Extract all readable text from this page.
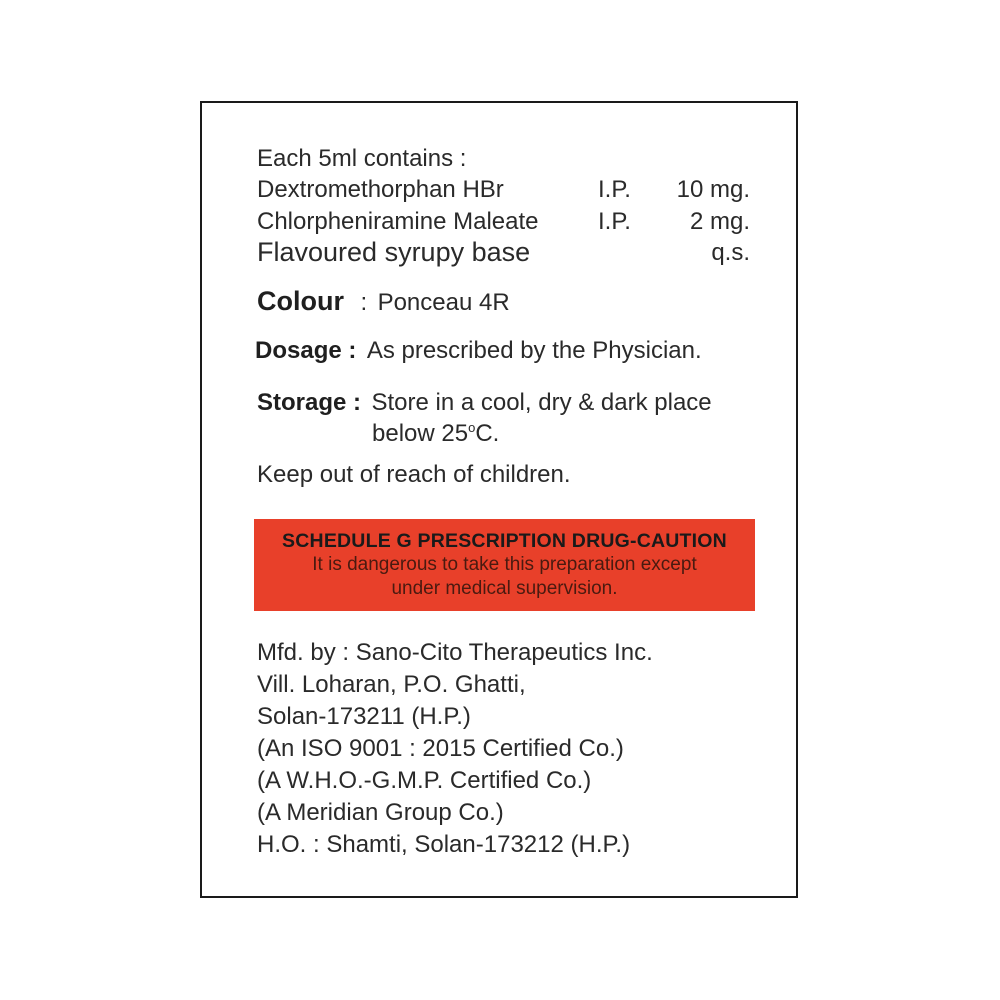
Each 5ml contains :
Dextromethorphan HBr	I.P. 10 mg.
Chlorpheniramine Maleate I.P. 2 mg.
Flavoured syrupy base	q.s.
Colour : Ponceau 4R
Dosage : As prescribed by the Physician.
Storage : Store in a cool, dry & dark place
below 25$^o$C.
Keep out of reach of children.
SCHEDULE G PRESCRIPTION DRUG-CAUTION
It is dangerous to take this preparation except
under medical supervision.
Mfd. by : Sano-Cito Therapeutics Inc.
Vill. Loharan, P.O. Ghatti,
Solan-173211 (H.P.)
(An ISO 9001 : 2015 Certified Co.)
(A W.H.O.-G.M.P. Certified Co.)
(A Meridian Group Co.)
H.O. : Shamti, Solan-173212 (H.P.)
